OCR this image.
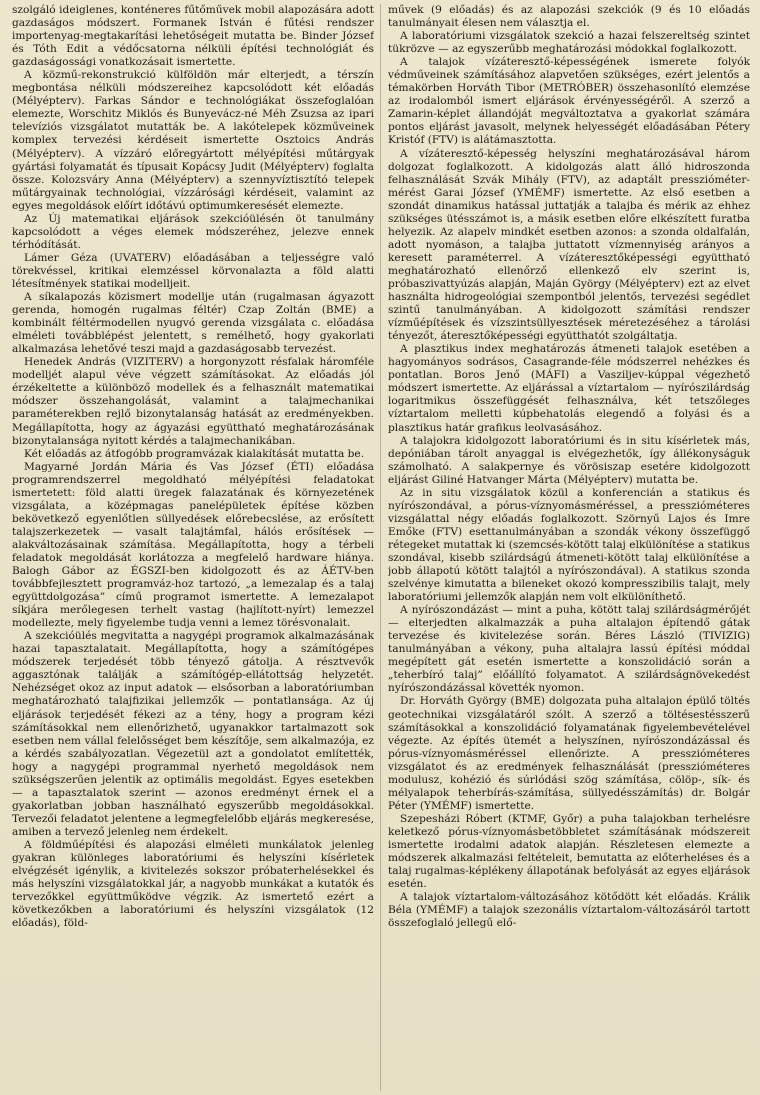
szolgáló ideiglenes, konténeres fűtőművek mobil alapozására adott gazdaságos módszert. Formanek István é fűtési rendszer importenyag-megtakarítási lehetőségeit mutatta be. Binder József és Tóth Edit a védőcsatorna nélküli építési technológiát és gazdaságossági vonatkozásait ismertette.

A közmű-rekonstrukció külföldön már elterjedt, a térszín megbontása nélküli módszereihez kapcsolódott két előadás (Mélyépterv). Farkas Sándor e technológiákat összefoglalóan elemezte, Worschitz Miklós és Bunyevácz-né Méh Zsuzsa az ipari televíziós vizsgálatot mutatták be. A lakótelepek közműveinek komplex tervezési kérdéseit ismertette Osztoics András (Mélyépterv). A vízzáró előregyártott mélyépítési műtárgyak gyártási folyamatát és típusait Kopácsy Judit (Mélyépterv) foglalta össze. Kolozsváry Anna (Mélyépterv) a szennyvíztisztító telepek műtárgyainak technológiai, vízzárósági kérdéseit, valamint az egyes megoldások előírt időtávú optimumkeresését elemezte.

Az Új matematikai eljárások szekcióülésén öt tanulmány kapcsolódott a véges elemek módszeréhez, jelezve ennek térhódítását.

Lámer Géza (UVATERV) előadásában a teljességre való törekvéssel, kritikai elemzéssel körvonalazta a föld alatti létesítmények statikai modelljeit.

A síkalapozás közismert modellje után (rugalmasan ágyazott gerenda, homogén rugalmas féltér) Czap Zoltán (BME) a kombinált féltérmodellen nyugvó gerenda vizsgálata c. előadása elméleti továbblépést jelentett, s remélhető, hogy gyakorlati alkalmazása lehetővé teszi majd a gazdaságosabb tervezést.

Henedek András (VIZITERV) a horgonyzott résfalak háromféle modelljét alapul véve végzett számításokat. Az előadás jól érzékeltette a különböző modellek és a felhasznált matematikai módszer összehangolását, valamint a talajmechanikai paraméterekben rejlő bizonytalanság hatását az eredményekben. Megállapította, hogy az ágyazási együttható meghatározásának bizonytalansága nyitott kérdés a talajmechanikában.

Két előadás az átfogóbb programvázak kialakítását mutatta be.

Magyarné Jordán Mária és Vas József (ÉTI) előadása programrendszerrel megoldható mélyépítési feladatokat ismertetett: föld alatti üregek falazatának és környezetének vizsgálata, a középmagas panelépületek építése közben bekövetkező egyenlőtlen süllyedések előrebecslése, az erősített talajszerkezetek — vasalt talajtámfal, hálós erősítések — alakváltozásainak számítása. Megállapította, hogy a térbeli feladatok megoldását korlátozza a megfelelő hardware hiánya. Balogh Gábor az ÉGSZI-ben kidolgozott és az ÁÉTV-ben továbbfejlesztett programváz-hoz tartozó, „a lemezalap és a talaj együttdolgozása” című programot ismertette. A lemezalapot síkjára merőlegesen terhelt vastag (hajlított-nyírt) lemezzel modellezte, mely figyelembe tudja venni a lemez törésvonalait.

A szekcióülés megvitatta a nagygépi programok alkalmazásának hazai tapasztalatait. Megállapította, hogy a számítógépes módszerek terjedését több tényező gátolja. A résztvevők aggasztónak találják a számítógép-ellátottság helyzetét. Nehézséget okoz az input adatok — elsősorban a laboratóriumban meghatározható talajfizikai jellemzők — pontatlansága. Az új eljárások terjedését fékezi az a tény, hogy a program kézi számításokkal nem ellenőrizhető, ugyanakkor tartalmazott sok esetben nem vállal felelősséget bem készítője, sem alkalmazója, ez a kérdés szabályozatlan. Végezetül azt a gondolatot említették, hogy a nagygépi programmal nyerhető megoldások nem szükségszerűen jelentik az optimális megoldást. Egyes esetekben — a tapasztalatok szerint — azonos eredményt érnek el a gyakorlatban jobban használható egyszerűbb megoldásokkal. Tervezői feladatot jelentene a legmegfelelőbb eljárás megkeresése, amiben a tervező jelenleg nem érdekelt.

A földműépítési és alapozási elméleti munkálatok jelenleg gyakran különleges laboratóriumi és helyszíni kísérletek elvégzését igénylik, a kivitelezés sokszor próbaterhelésekkel és más helyszíni vizsgálatokkal jár, a nagyobb munkákat a kutatók és tervezőkkel együttműködve végzik. Az ismertető ezért a következőkben a laboratóriumi és helyszíni vizsgálatok (12 előadás), föld-

művek (9 előadás) és az alapozási szekciók (9 és 10 előadás tanulmányait élesen nem választja el.

A laboratóriumi vizsgálatok szekció a hazai felszereltség szintet tükrözve — az egyszerűbb meghatározási módokkal foglalkozott.

A talajok vízáteresztő-képességének ismerete folyók védműveinek számításához alapvetően szükséges, ezért jelentős a témakörben Horváth Tibor (METRÓBER) összehasonlító elemzése az irodalomból ismert eljárások érvényességéről. A szerző a Zamarin-képlet állandóját megváltoztatva a gyakorlat számára pontos eljárást javasolt, melynek helyességét előadásában Pétery Kristóf (FTV) is alátámasztotta.

A vízáteresztő-képesség helyszíni meghatározásával három dolgozat foglalkozott. A kidolgozás alatt álló hidroszonda felhasználását Szvák Mihály (FTV), az adaptált presszióméter-mérést Garai József (YMÉMF) ismertette. Az első esetben a szondát dinamikus hatással juttatják a talajba és mérik az ehhez szükséges ütésszámot is, a másik esetben előre elkészített furatba helyezik. Az alapelv mindkét esetben azonos: a szonda oldalfalán, adott nyomáson, a talajba juttatott vízmennyiség arányos a keresett paraméterrel. A vízáteresztőképességi együttható meghatározható ellenőrző ellenkező elv szerint is, próbaszivattyúzás alapján, Maján György (Mélyépterv) ezt az elvet használta hidrogeológiai szempontból jelentős, tervezési segédlet szintű tanulmányában. A kidolgozott számítási rendszer vízműépítések és vízszintsüllyesztések méretezéséhez a tárolási tényezőt, áteresztőképességi együtthatót szolgáltatja.

A plasztikus index meghatározás átmeneti talajok esetében a hagyományos sodrásos, Casagrande-féle módszerrel nehézkes és pontatlan. Boros Jenő (MÁFI) a Vasziljev-kúppal végezhető módszert ismertette. Az eljárással a víztartalom — nyírószilárdság logaritmikus összefüggését felhasználva, két tetszőleges víztartalom melletti kúpbehatolás elegendő a folyási és a plasztikus határ grafikus leolvasásához.

A talajokra kidolgozott laboratóriumi és in situ kísérletek más, depóniában tárolt anyaggal is elvégezhetők, így állékonyságuk számolható. A salakpernye és vörösiszap esetére kidolgozott eljárást Giliné Hatvanger Márta (Mélyépterv) mutatta be.

Az in situ vizsgálatok közül a konferencián a statikus és nyírószondával, a pórus-víznyomásméréssel, a presszióméteres vizsgálattal négy előadás foglalkozott. Szörnyű Lajos és Imre Emőke (FTV) esettanulmányában a szondák vékony összefüggő rétegeket mutattak ki (szemcsés-kötött talaj elkülönítése a statikus szondával, kisebb szilárdságú átmeneti-kötött talaj elkülönítése a jobb állapotú kötött talajtól a nyírószondával). A statikus szonda szelvénye kimutatta a bileneket okozó kompresszibilis talajt, mely laboratóriumi jellemzők alapján nem volt elkülöníthető.

A nyírószondázást — mint a puha, kötött talaj szilárdságmérőjét — elterjedten alkalmazzák a puha altalajon építendő gátak tervezése és kivitelezése során. Béres László (TIVIZIG) tanulmányában a vékony, puha altalajra lassú építési móddal megépített gát esetén ismertette a konszolidáció során a „teherbíró talaj” előállító folyamatot. A szilárdságnövekedést nyírószondázással követték nyomon.

Dr. Horváth György (BME) dolgozata puha altalajon épülő töltés geotechnikai vizsgálatáról szólt. A szerző a töltésestésszerű számításokkal a konszolidáció folyamatának figyelembevételével végezte. Az építés ütemét a helyszínen, nyírószondázással és pórus-víznyomásméréssel ellenőrizte. A presszióméteres vizsgálatot és az eredmények felhasználását (presszióméteres modulusz, kohézió és súrlódási szög számítása, cölöp-, sík- és mélyalapok teherbírás-számítása, süllyedésszámítás) dr. Bolgár Péter (YMÉMF) ismertette.

Szepesházi Róbert (KTMF, Győr) a puha talajokban terhelésre keletkező pórus-víznyomásbetöbbletet számításának módszereit ismertette irodalmi adatok alapján. Részletesen elemezte a módszerek alkalmazási feltételeit, bemutatta az előterheléses és a talaj rugalmas-képlékeny állapotának befolyását az egyes eljárások esetén.

A talajok víztartalom-változásához kötődött két előadás. Králik Béla (YMÉMF) a talajok szezonális víztartalom-változásáról tartott összefoglaló jellegű elő-
